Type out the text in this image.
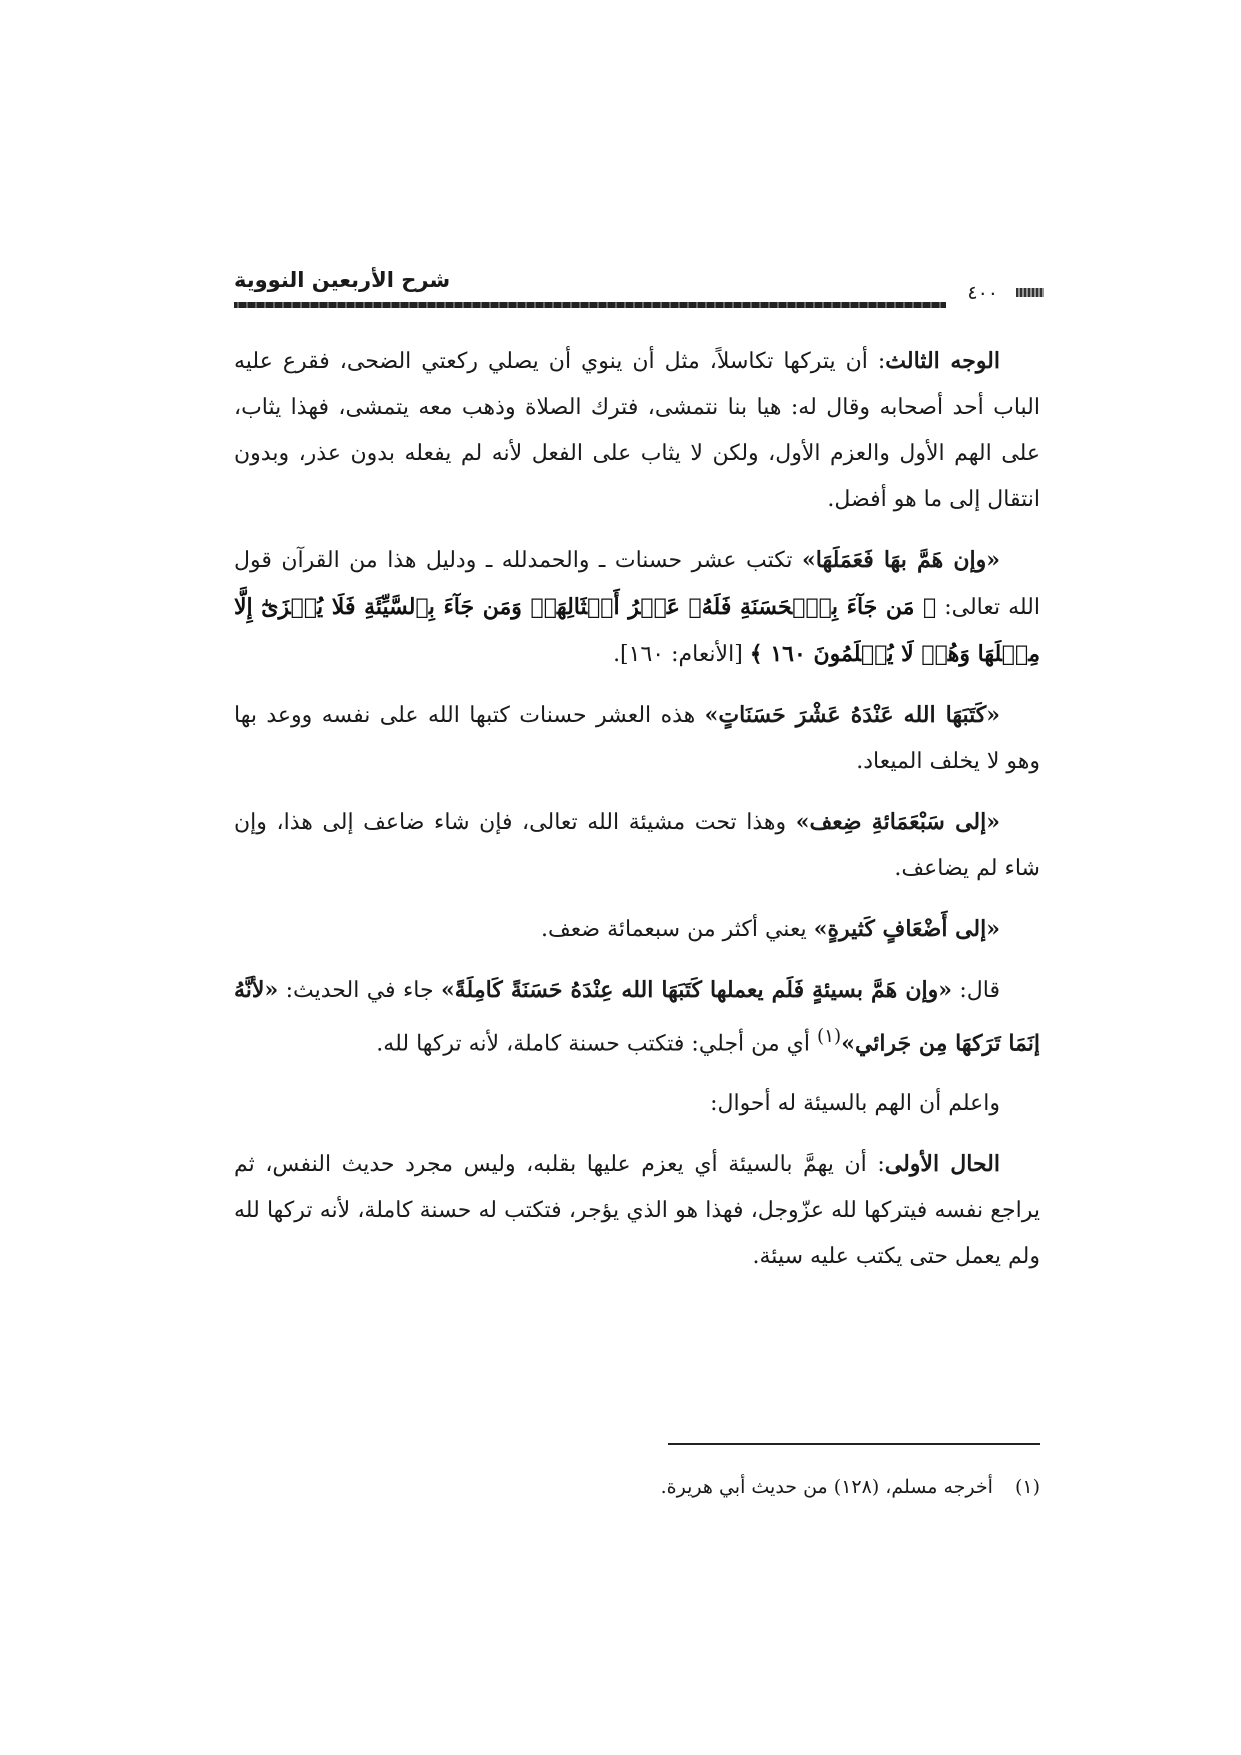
شرح الأربعين النووية
٤٠٠

الوجه الثالث: أن يتركها تكاسلاً، مثل أن ينوي أن يصلي ركعتي الضحى، فقرع عليه الباب أحد أصحابه وقال له: هيا بنا نتمشى، فترك الصلاة وذهب معه يتمشى، فهذا يثاب، على الهم الأول والعزم الأول، ولكن لا يثاب على الفعل لأنه لم يفعله بدون عذر، وبدون انتقال إلى ما هو أفضل.

«وإن هَمَّ بهَا فَعَمَلَهَا» تكتب عشر حسنات ـ والحمدلله ـ ودليل هذا من القرآن قول الله تعالى: ﴿ مَن جَآءَ بِٱلۡحَسَنَةِ فَلَهُۥ عَشۡرُ أَمۡثَالِهَاۖ وَمَن جَآءَ بِٱلسَّيِّئَةِ فَلَا يُجۡزَىٰٓ إِلَّا مِثۡلَهَا وَهُمۡ لَا يُظۡلَمُونَ ١٦٠ ﴾ [الأنعام: ١٦٠].

«كَتَبَهَا الله عَنْدَهُ عَشْرَ حَسَنَاتٍ» هذه العشر حسنات كتبها الله على نفسه ووعد بها وهو لا يخلف الميعاد.

«إلى سَبْعَمَائةِ ضِعف» وهذا تحت مشيئة الله تعالى، فإن شاء ضاعف إلى هذا، وإن شاء لم يضاعف.

«إلى أَضْعَافٍ كَثيرةٍ» يعني أكثر من سبعمائة ضعف.

قال: «وإن هَمَّ بسيئةٍ فَلَم يعملها كَتَبَهَا الله عِنْدَهُ حَسَنَةً كَامِلَةً» جاء في الحديث: «لأنَّهُ إنَمَا تَرَكهَا مِن جَرائي»$^{(١)}$ أي من أجلي: فتكتب حسنة كاملة، لأنه تركها لله.

واعلم أن الهم بالسيئة له أحوال:

الحال الأولى: أن يهمَّ بالسيئة أي يعزم عليها بقلبه، وليس مجرد حديث النفس، ثم يراجع نفسه فيتركها لله عزّوجل، فهذا هو الذي يؤجر، فتكتب له حسنة كاملة، لأنه تركها لله ولم يعمل حتى يكتب عليه سيئة.

(١)أخرجه مسلم، (١٢٨) من حديث أبي هريرة.
